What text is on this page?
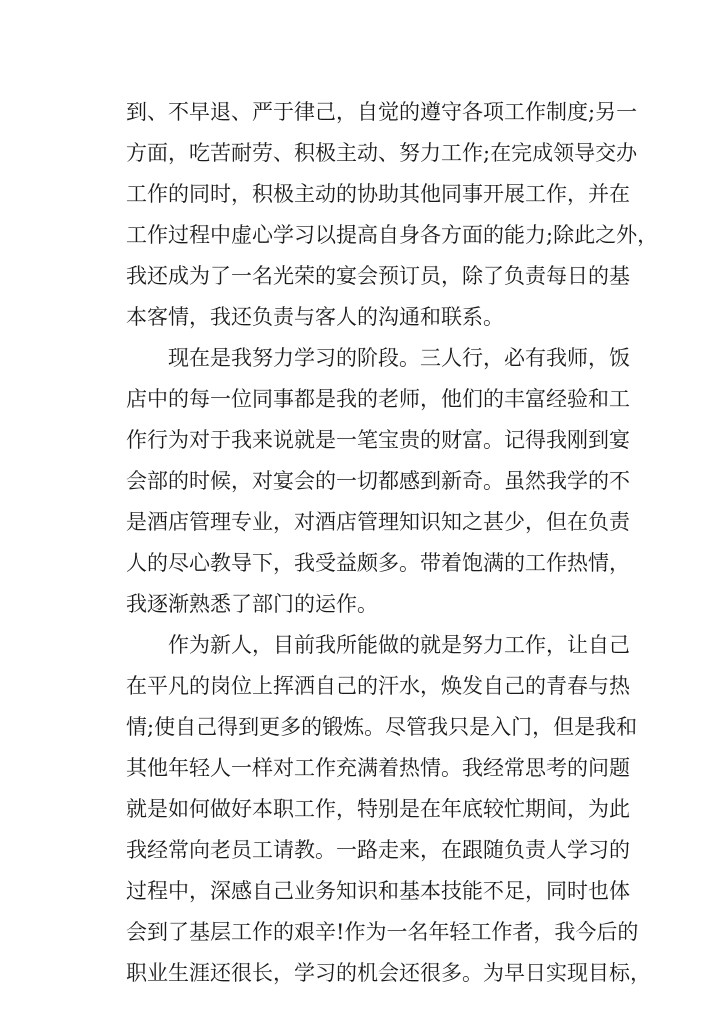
到、不早退、严于律己，自觉的遵守各项工作制度;另一
方面，吃苦耐劳、积极主动、努力工作;在完成领导交办
工作的同时，积极主动的协助其他同事开展工作，并在
工作过程中虚心学习以提高自身各方面的能力;除此之外，
我还成为了一名光荣的宴会预订员，除了负责每日的基
本客情，我还负责与客人的沟通和联系。
现在是我努力学习的阶段。三人行，必有我师，饭
店中的每一位同事都是我的老师，他们的丰富经验和工
作行为对于我来说就是一笔宝贵的财富。记得我刚到宴
会部的时候，对宴会的一切都感到新奇。虽然我学的不
是酒店管理专业，对酒店管理知识知之甚少，但在负责
人的尽心教导下，我受益颇多。带着饱满的工作热情，
我逐渐熟悉了部门的运作。
作为新人，目前我所能做的就是努力工作，让自己
在平凡的岗位上挥洒自己的汗水，焕发自己的青春与热
情;使自己得到更多的锻炼。尽管我只是入门，但是我和
其他年轻人一样对工作充满着热情。我经常思考的问题
就是如何做好本职工作，特别是在年底较忙期间，为此
我经常向老员工请教。一路走来，在跟随负责人学习的
过程中，深感自己业务知识和基本技能不足，同时也体
会到了基层工作的艰辛!作为一名年轻工作者，我今后的
职业生涯还很长，学习的机会还很多。为早日实现目标，
